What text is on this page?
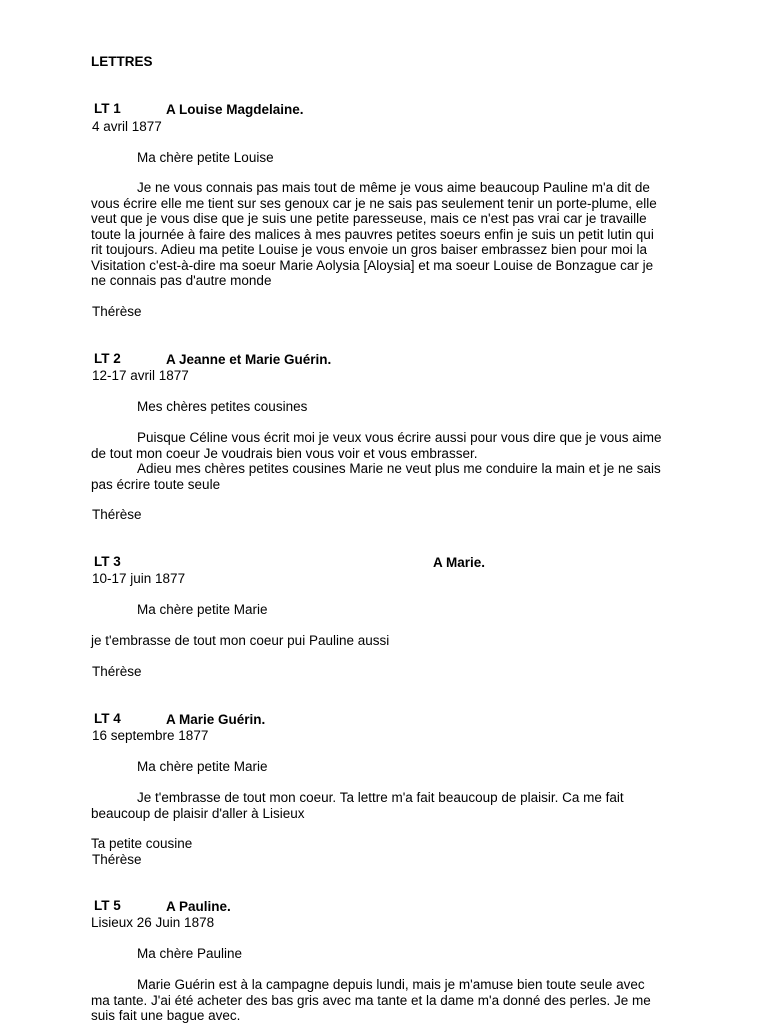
LETTRES
LT 1	A Louise Magdelaine.
4 avril 1877
Ma chère petite Louise
Je ne vous connais pas mais tout de même je vous aime beaucoup Pauline m'a dit de vous écrire elle me tient sur ses genoux car je ne sais pas seulement tenir un porte-plume, elle veut que je vous dise que je suis une petite paresseuse, mais ce n'est pas vrai car je travaille toute la journée à faire des malices à mes pauvres petites soeurs enfin je suis un petit lutin qui rit toujours. Adieu ma petite Louise je vous envoie un gros baiser embrassez bien pour moi la Visitation c'est-à-dire ma soeur Marie Aolysia [Aloysia] et ma soeur Louise de Bonzague car je ne connais pas d'autre monde
Thérèse
LT 2	A Jeanne et Marie Guérin.
12-17 avril 1877
Mes chères petites cousines
Puisque Céline vous écrit moi je veux vous écrire aussi pour vous dire que je vous aime de tout mon coeur Je voudrais bien vous voir et vous embrasser.
Adieu mes chères petites cousines Marie ne veut plus me conduire la main et je ne sais pas écrire toute seule
Thérèse
LT 3	A Marie.
10-17 juin 1877
Ma chère petite Marie
je t'embrasse de tout mon coeur pui Pauline aussi
Thérèse
LT 4	A Marie Guérin.
16 septembre 1877
Ma chère petite Marie
Je t'embrasse de tout mon coeur. Ta lettre m'a fait beaucoup de plaisir. Ca me fait beaucoup de plaisir d'aller à Lisieux
Ta petite cousine
Thérèse
LT 5	A Pauline.
Lisieux 26 Juin 1878
Ma chère Pauline
Marie Guérin est à la campagne depuis lundi, mais je m'amuse bien toute seule avec ma tante. J'ai été acheter des bas gris avec ma tante et la dame m'a donné des perles. Je me suis fait une bague avec.
